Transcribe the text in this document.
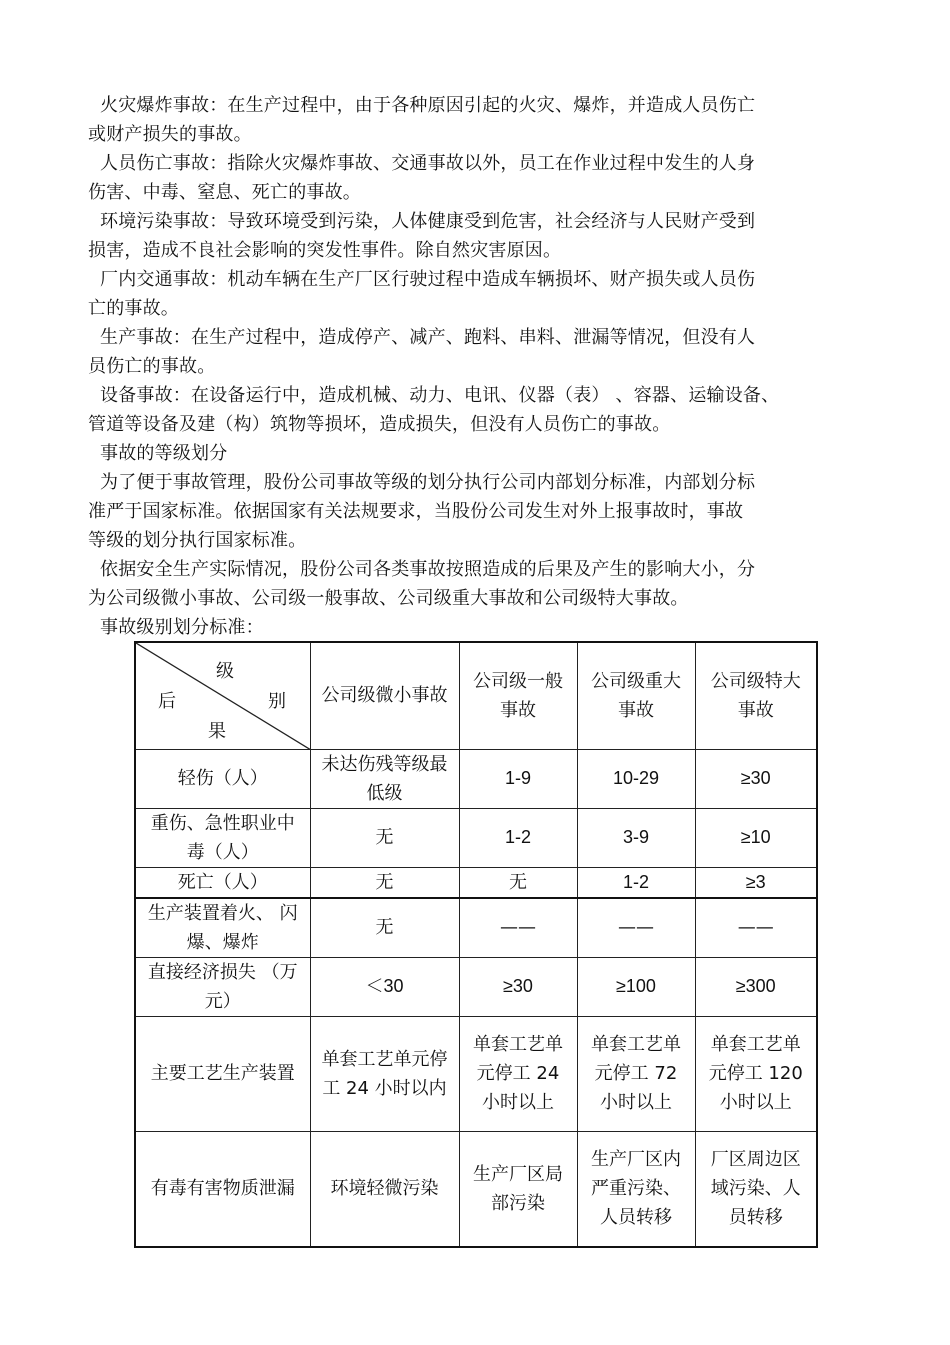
火灾爆炸事故：在生产过程中，由于各种原因引起的火灾、爆炸，并造成人员伤亡
或财产损失的事故。
人员伤亡事故：指除火灾爆炸事故、交通事故以外，员工在作业过程中发生的人身
伤害、中毒、窒息、死亡的事故。
环境污染事故：导致环境受到污染，人体健康受到危害，社会经济与人民财产受到
损害，造成不良社会影响的突发性事件。除自然灾害原因。
厂内交通事故：机动车辆在生产厂区行驶过程中造成车辆损坏、财产损失或人员伤
亡的事故。
生产事故：在生产过程中，造成停产、减产、跑料、串料、泄漏等情况，但没有人
员伤亡的事故。
设备事故：在设备运行中，造成机械、动力、电讯、仪器（表） 、容器、运输设备、
管道等设备及建（构）筑物等损坏，造成损失，但没有人员伤亡的事故。
事故的等级划分
为了便于事故管理，股份公司事故等级的划分执行公司内部划分标准，内部划分标
准严于国家标准。依据国家有关法规要求，当股份公司发生对外上报事故时，事故
等级的划分执行国家标准。
依据安全生产实际情况，股份公司各类事故按照造成的后果及产生的影响大小，分
为公司级微小事故、公司级一般事故、公司级重大事故和公司级特大事故。
事故级别划分标准：
级
后 别
果	公司级微小事故	公司级一般事故	公司级重大事故	公司级特大事故
轻伤（人）	未达伤残等级最低级	1-9	10-29	≥30
重伤、急性职业中毒（人）	无	1-2	3-9	≥10
死亡（人）	无	无	1-2	≥3
生产装置着火、 闪爆、爆炸	无	——	——	——
直接经济损失 （万元）	＜30	≥30	≥100	≥300
主要工艺生产装置	单套工艺单元停工 24 小时以内	单套工艺单元停工 24 小时以上	单套工艺单元停工 72 小时以上	单套工艺单元停工 120 小时以上
有毒有害物质泄漏	环境轻微污染	生产厂区局部污染	生产厂区内严重污染、人员转移	厂区周边区域污染、人员转移
